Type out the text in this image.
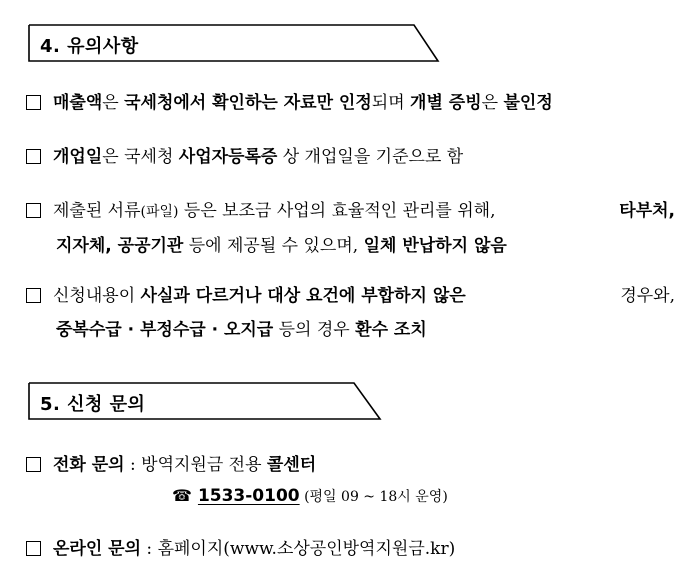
4. 유의사항
매출액은 국세청에서 확인하는 자료만 인정되며 개별 증빙은 불인정
개업일은 국세청 사업자등록증 상 개업일을 기준으로 함
제출된 서류(파일) 등은 보조금 사업의 효율적인 관리를 위해,	타부처,
지자체, 공공기관 등에 제공될 수 있으며, 일체 반납하지 않음
신청내용이 사실과 다르거나 대상 요건에 부합하지 않은	경우와,
중복수급 · 부정수급 · 오지급 등의 경우 환수 조치
5. 신청 문의
전화 문의 : 방역지원금 전용 콜센터
☎ 1533-0100 (평일 09 ~ 18시 운영)
온라인 문의 : 홈페이지(www.소상공인방역지원금.kr)
